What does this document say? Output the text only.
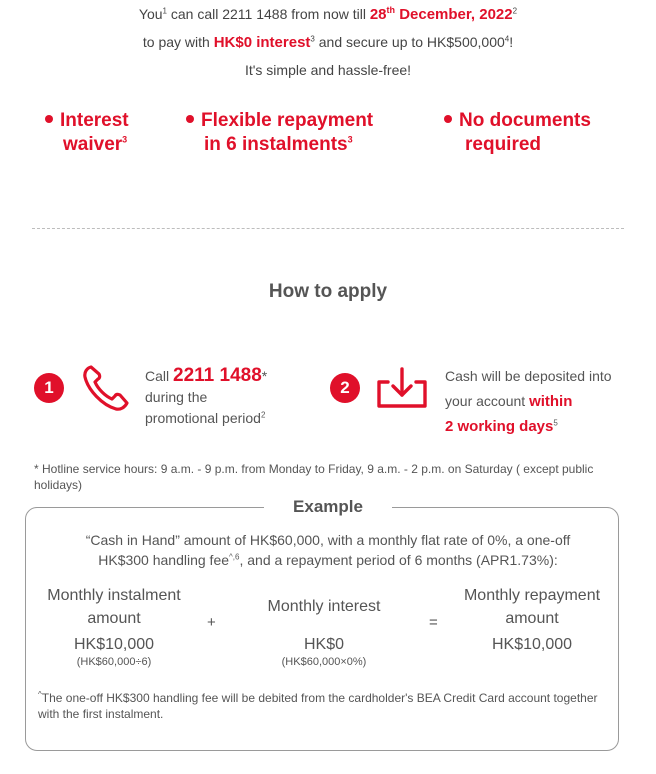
You$^1$ can call 2211 1488 from now till 28th December, 2022$^2$
to pay with HK$0 interest$^3$ and secure up to HK$500,000$^4$!
It's simple and hassle-free!
Interest
waiver$^3$
Flexible repayment
in 6 instalments$^3$
No documents
required
How to apply
1
Call 2211 1488*
during the
promotional period$^2$
2
Cash will be deposited into
your account within
2 working days$^5$
* Hotline service hours: 9 a.m. - 9 p.m. from Monday to Friday, 9 a.m. - 2 p.m. on Saturday ( except public holidays)
Example
“Cash in Hand” amount of HK$60,000, with a monthly flat rate of 0%, a one-off
HK$300 handling fee$^{\^{},6}$, and a repayment period of 6 months (APR1.73%):
Monthly instalment
amount
HK$10,000
(HK$60,000÷6)
+
Monthly interest
HK$0
(HK$60,000×0%)
=
Monthly repayment
amount
HK$10,000
^The one-off HK$300 handling fee will be debited from the cardholder's BEA Credit Card account together with the first instalment.
